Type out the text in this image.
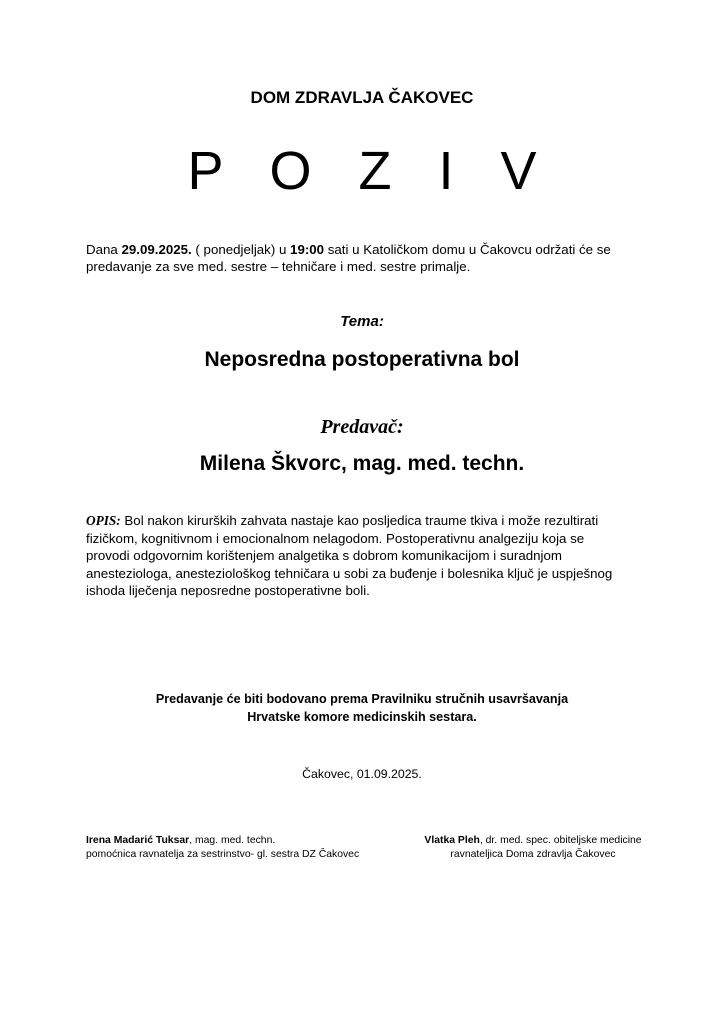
DOM ZDRAVLJA ČAKOVEC
P O Z I V
Dana 29.09.2025. ( ponedjeljak) u 19:00 sati u Katoličkom domu u Čakovcu održati će se predavanje za sve med. sestre – tehničare i med. sestre primalje.
Tema:
Neposredna postoperativna bol
Predavač:
Milena Škvorc, mag. med. techn.
OPIS: Bol nakon kirurških zahvata nastaje kao posljedica traume tkiva i može rezultirati fizičkom, kognitivnom i emocionalnom nelagodom. Postoperativnu analgeziju koja se provodi odgovornim korištenjem analgetika s dobrom komunikacijom i suradnjom anesteziologa, anesteziološkog tehničara u sobi za buđenje i bolesnika ključ je uspješnog ishoda liječenja neposredne postoperativne boli.
Predavanje će biti bodovano prema Pravilniku stručnih usavršavanja
Hrvatske komore medicinskih sestara.
Čakovec, 01.09.2025.
Irena Madarić Tuksar, mag. med. techn.
pomoćnica ravnatelja za sestrinstvo- gl. sestra DZ Čakovec
Vlatka Pleh, dr. med. spec. obiteljske medicine
ravnateljica Doma zdravlja Čakovec
